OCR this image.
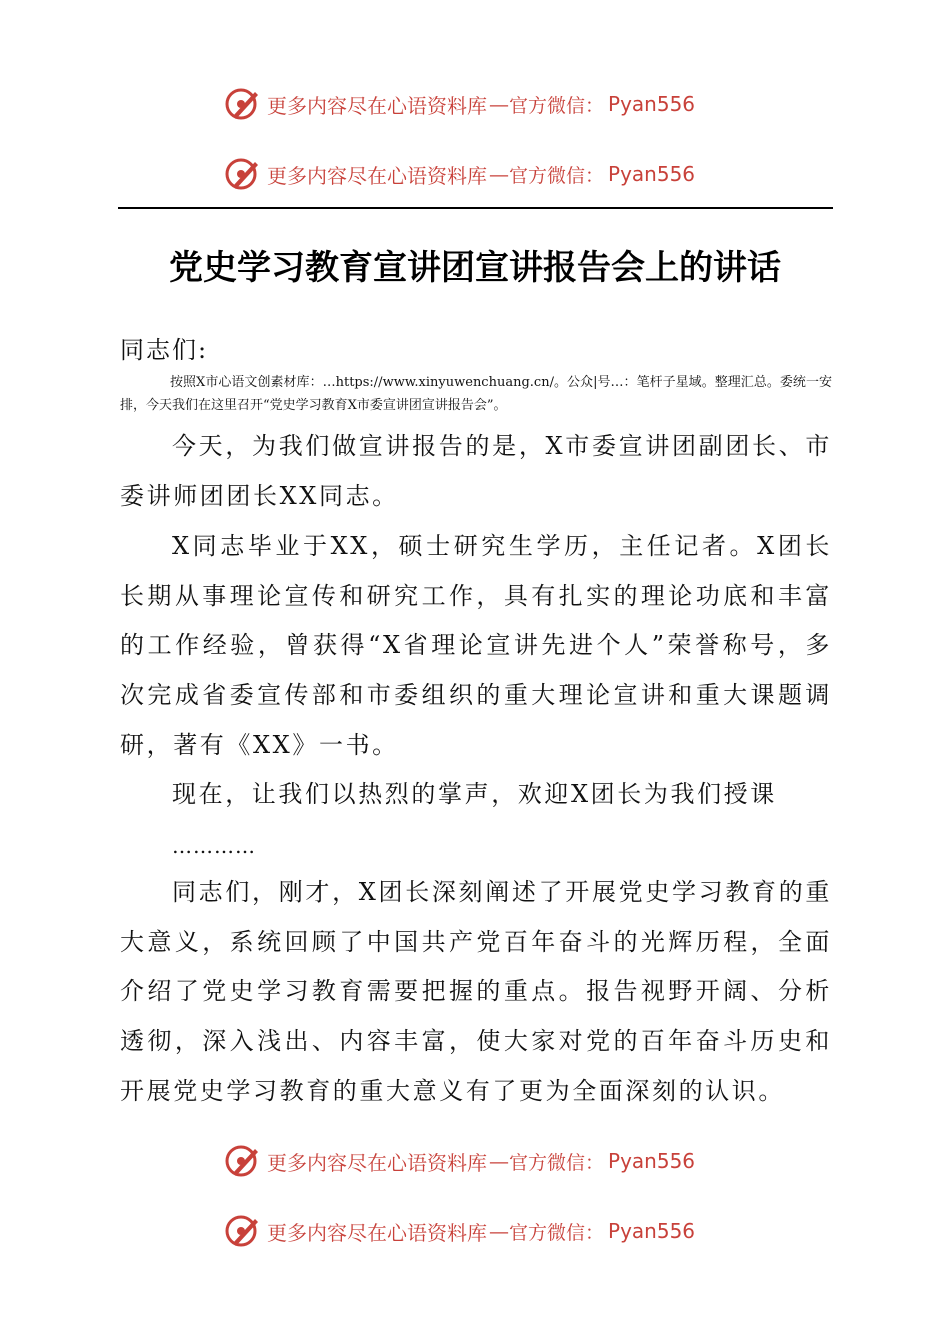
更多内容尽在心语资料库 — 官方微信： Pyan556
更多内容尽在心语资料库 — 官方微信： Pyan556
党史学习教育宣讲团宣讲报告会上的讲话
同志们:
按照X市心语文创素材库：…https://www.xinyuwenchuang.cn/。公众|号…：笔杆子星域。整理汇总。委统一安排，今天我们在这里召开“党史学习教育X市委宣讲团宣讲报告会”。
今天，为我们做宣讲报告的是，X市委宣讲团副团长、市委讲师团团长XX同志。
X同志毕业于XX，硕士研究生学历，主任记者。X团长长期从事理论宣传和研究工作，具有扎实的理论功底和丰富的工作经验，曾获得“X省理论宣讲先进个人”荣誉称号，多次完成省委宣传部和市委组织的重大理论宣讲和重大课题调研，著有《XX》一书。
现在，让我们以热烈的掌声，欢迎X团长为我们授课
…………
同志们，刚才，X团长深刻阐述了开展党史学习教育的重大意义，系统回顾了中国共产党百年奋斗的光辉历程，全面介绍了党史学习教育需要把握的重点。报告视野开阔、分析透彻，深入浅出、内容丰富，使大家对党的百年奋斗历史和开展党史学习教育的重大意义有了更为全面深刻的认识。
更多内容尽在心语资料库 — 官方微信： Pyan556
更多内容尽在心语资料库 — 官方微信： Pyan556
